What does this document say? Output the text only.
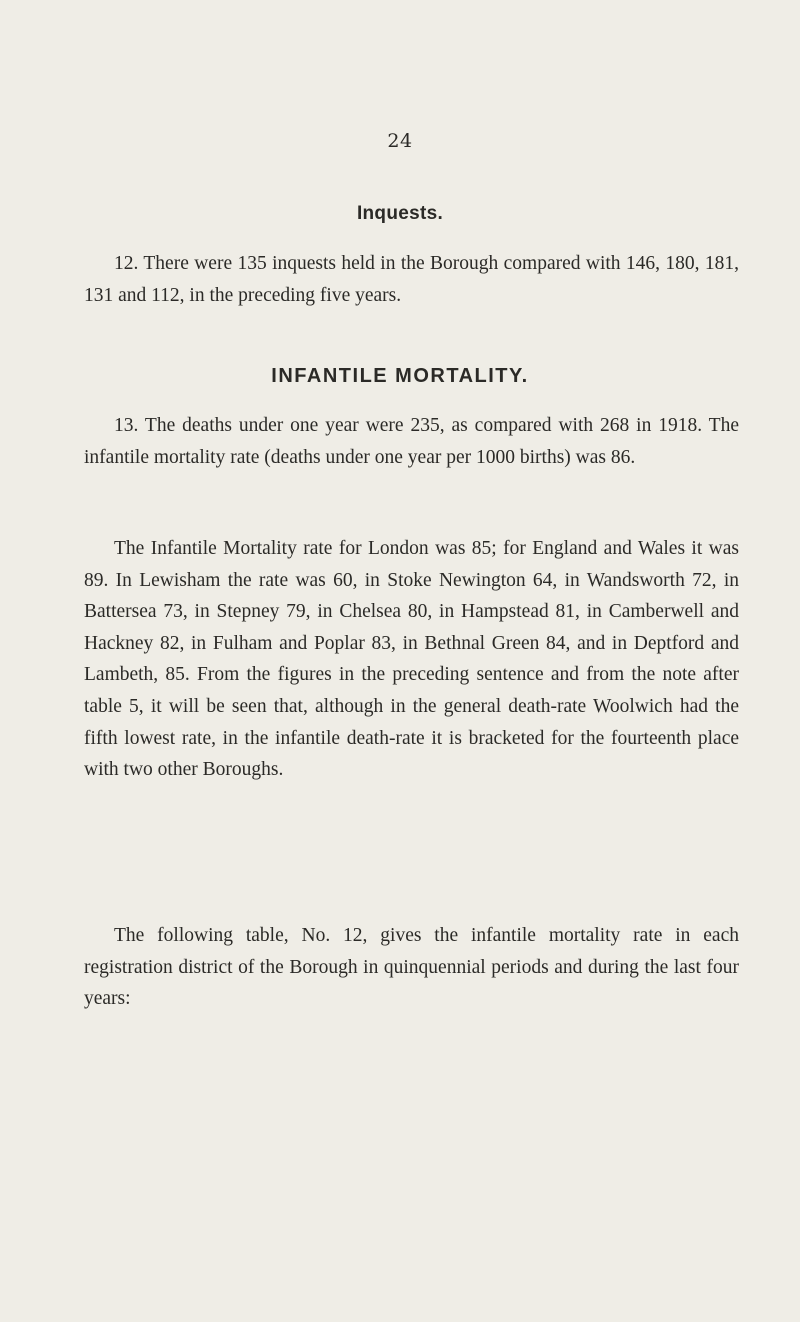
24
Inquests.

12. There were 135 inquests held in the Borough compared with 146, 180, 181, 131 and 112, in the preceding five years.

INFANTILE MORTALITY.

13. The deaths under one year were 235, as compared with 268 in 1918. The infantile mortality rate (deaths under one year per 1000 births) was 86.

The Infantile Mortality rate for London was 85; for England and Wales it was 89. In Lewisham the rate was 60, in Stoke Newington 64, in Wandsworth 72, in Battersea 73, in Stepney 79, in Chelsea 80, in Hampstead 81, in Camberwell and Hackney 82, in Fulham and Poplar 83, in Bethnal Green 84, and in Deptford and Lambeth, 85. From the figures in the preceding sentence and from the note after table 5, it will be seen that, although in the general death-rate Woolwich had the fifth lowest rate, in the infantile death-rate it is bracketed for the fourteenth place with two other Boroughs.

The following table, No. 12, gives the infantile mortality rate in each registration district of the Borough in quinquennial periods and during the last four years:
